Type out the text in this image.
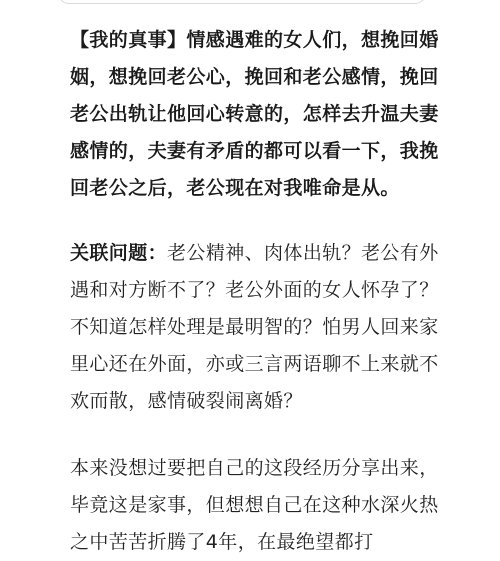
【我的真事】情感遇难的女人们，想挽回婚姻，想挽回老公心，挽回和老公感情，挽回老公出轨让他回心转意的，怎样去升温夫妻感情的，夫妻有矛盾的都可以看一下，我挽回老公之后，老公现在对我唯命是从。

关联问题：老公精神、肉体出轨？老公有外遇和对方断不了？老公外面的女人怀孕了？不知道怎样处理是最明智的？怕男人回来家里心还在外面，亦或三言两语聊不上来就不欢而散，感情破裂闹离婚？

本来没想过要把自己的这段经历分享出来，毕竟这是家事，但想想自己在这种水深火热之中苦苦折腾了4年，在最绝望都打
